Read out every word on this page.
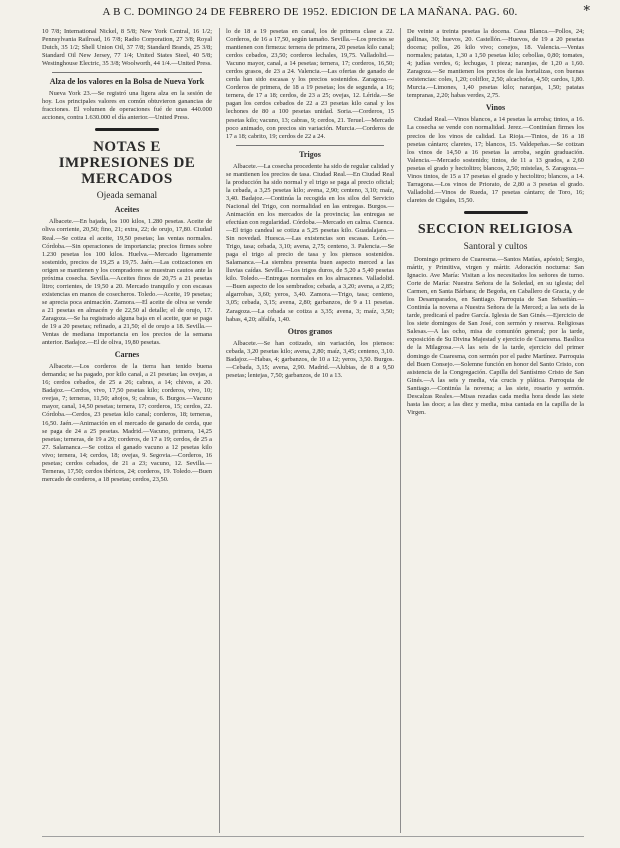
A B C. DOMINGO 24 DE FEBRERO DE 1952. EDICION DE LA MAÑANA. PAG. 60.	*

10 7/8; International Nickel, 8 5/8; New York Central, 16 1/2; Pennsylvania Railroad, 16 7/8; Radio Corporation, 27 3/8; Royal Dutch, 35 1/2; Shell Union Oil, 37 7/8; Standard Brands, 25 3/8; Standard Oil New Jersey, 77 1/4; United States Steel, 40 5/8; Westinghouse Electric, 35 3/8; Woolworth, 44 1/4.—United Press.

Alza de los valores en la Bolsa de Nueva York

Nueva York 23.—Se registró una ligera alza en la sesión de hoy. Los principales valores en común obtuvieron ganancias de fracciones. El volumen de operaciones fué de unas 440.000 acciones, contra 1.630.000 el día anterior.—United Press.

NOTAS E IMPRESIONES DE MERCADOS
Ojeada semanal
Aceites

Albacete.—En bajada, los 100 kilos, 1.280 pesetas. Aceite de oliva corriente, 20,50; fino, 21; extra, 22; de orujo, 17,80. Ciudad Real.—Se cotiza el aceite, 19,50 pesetas; las ventas normales. Córdoba.—Sin operaciones de importancia; precios firmes sobre 1.230 pesetas los 100 kilos. Huelva.—Mercado ligeramente sostenido, precios de 19,25 a 19,75. Jaén.—Las cotizaciones en origen se mantienen y los compradores se muestran cautos ante la próxima cosecha. Sevilla.—Aceites finos de 20,75 a 21 pesetas litro; corrientes, de 19,50 a 20. Mercado tranquilo y con escasas existencias en manos de cosecheros. Toledo.—Aceite, 19 pesetas; se aprecia poca animación. Zamora.—El aceite de oliva se vende a 21 pesetas en almacén y de 22,50 al detalle; el de orujo, 17. Zaragoza.—Se ha registrado alguna baja en el aceite, que se paga de 19 a 20 pesetas; refinado, a 21,50; el de orujo a 18. Sevilla.—Ventas de mediana importancia en los precios de la semana anterior. Badajoz.—El de oliva, 19,80 pesetas.

Carnes

Albacete.—Los corderos de la tierra han tenido buena demanda; se ha pagado, por kilo canal, a 21 pesetas; las ovejas, a 16; cerdos cebados, de 25 a 26; cabras, a 14; chivos, a 20. Badajoz.—Cerdos, vivo, 17,50 pesetas kilo; corderos, vivo, 10; ovejas, 7; terneras, 11,50; añojos, 9; cabras, 6. Burgos.—Vacuno mayor, canal, 14,50 pesetas; ternera, 17; corderos, 15; cerdos, 22. Córdoba.—Cerdos, 23 pesetas kilo canal; corderos, 18; terneras, 16,50. Jaén.—Animación en el mercado de ganado de cerda, que se paga de 24 a 25 pesetas. Madrid.—Vacuno, primera, 14,25 pesetas; terneras, de 19 a 20; corderos, de 17 a 19; cerdos, de 25 a 27. Salamanca.—Se cotiza el ganado vacuno a 12 pesetas kilo vivo; ternera, 14; cerdos, 18; ovejas, 9. Segovia.—Corderos, 16 pesetas; cerdos cebados, de 21 a 23; vacuno, 12. Sevilla.—Terneras, 17,50; cerdos ibéricos, 24; corderos, 19. Toledo.—Buen mercado de corderos, a 18 pesetas; cerdos, 23,50.

lo de 18 a 19 pesetas en canal, los de primera clase a 22. Corderos, de 16 a 17,50, según tamaño. Sevilla.—Los precios se mantienen con firmeza: ternera de primera, 20 pesetas kilo canal; cerdos cebados, 23,50; corderos lechales, 19,75. Valladolid.—Vacuno mayor, canal, a 14 pesetas; ternera, 17; corderos, 16,50; cerdos grasos, de 23 a 24. Valencia.—Las ofertas de ganado de cerda han sido escasas y los precios sostenidos. Zaragoza.—Corderos de primera, de 18 a 19 pesetas; los de segunda, a 16; ternera, de 17 a 18; cerdos, de 23 a 25; ovejas, 12. Lérida.—Se pagan los cerdos cebados de 22 a 23 pesetas kilo canal y los lechones de 80 a 100 pesetas unidad. Soria.—Corderos, 15 pesetas kilo; vacuno, 13; cabras, 9; cerdos, 21. Teruel.—Mercado poco animado, con precios sin variación. Murcia.—Corderos de 17 a 18; cabrito, 19; cerdos de 22 a 24.

Trigos

Albacete.—La cosecha procedente ha sido de regular calidad y se mantienen los precios de tasa. Ciudad Real.—En Ciudad Real la producción ha sido normal y el trigo se paga al precio oficial; la cebada, a 3,25 pesetas kilo; avena, 2,90; centeno, 3,10; maíz, 3,40. Badajoz.—Continúa la recogida en los silos del Servicio Nacional del Trigo, con normalidad en las entregas. Burgos.—Animación en los mercados de la provincia; las entregas se efectúan con regularidad. Córdoba.—Mercado en calma. Cuenca.—El trigo candeal se cotiza a 5,25 pesetas kilo. Guadalajara.—Sin novedad. Huesca.—Las existencias son escasas. León.—Trigo, tasa; cebada, 3,10; avena, 2,75; centeno, 3. Palencia.—Se paga el trigo al precio de tasa y los piensos sostenidos. Salamanca.—La siembra presenta buen aspecto merced a las lluvias caídas. Sevilla.—Los trigos duros, de 5,20 a 5,40 pesetas kilo. Toledo.—Entregas normales en los almacenes. Valladolid.—Buen aspecto de los sembrados; cebada, a 3,20; avena, a 2,85; algarrobas, 3,60; yeros, 3,40. Zamora.—Trigo, tasa; centeno, 3,05; cebada, 3,15; avena, 2,80; garbanzos, de 9 a 11 pesetas. Zaragoza.—La cebada se cotiza a 3,35; avena, 3; maíz, 3,50; habas, 4,20; alfalfa, 1,40.

Otros granos

Albacete.—Se han cotizado, sin variación, los piensos: cebada, 3,20 pesetas kilo; avena, 2,80; maíz, 3,45; centeno, 3,10. Badajoz.—Habas, 4; garbanzos, de 10 a 12; yeros, 3,50. Burgos.—Cebada, 3,15; avena, 2,90. Madrid.—Alubias, de 8 a 9,50 pesetas; lentejas, 7,50; garbanzos, de 10 a 13.

De veinte a treinta pesetas la docena. Casa Blanca.—Pollos, 24; gallinas, 30; huevos, 20. Castellón.—Huevos, de 19 a 20 pesetas docena; pollos, 26 kilo vivo; conejos, 18. Valencia.—Ventas normales; patatas, 1,30 a 1,50 pesetas kilo; cebollas, 0,80; tomates, 4; judías verdes, 6; lechugas, 1 pieza; naranjas, de 1,20 a 1,60. Zaragoza.—Se mantienen los precios de las hortalizas, con buenas existencias: coles, 1,20; coliflor, 2,50; alcachofas, 4,50; cardos, 1,80. Murcia.—Limones, 1,40 pesetas kilo; naranjas, 1,50; patatas tempranas, 2,20; habas verdes, 2,75.

Vinos

Ciudad Real.—Vinos blancos, a 14 pesetas la arroba; tintos, a 16. La cosecha se vende con normalidad. Jerez.—Continúan firmes los precios de los vinos de calidad. La Rioja.—Tintos, de 16 a 18 pesetas cántaro; claretes, 17; blancos, 15. Valdepeñas.—Se cotizan los vinos de 14,50 a 16 pesetas la arroba, según graduación. Valencia.—Mercado sostenido; tintos, de 11 a 13 grados, a 2,60 pesetas el grado y hectolitro; blancos, 2,50; mistelas, 5. Zaragoza.—Vinos tintos, de 15 a 17 pesetas el grado y hectolitro; blancos, a 14. Tarragona.—Los vinos de Priorato, de 2,80 a 3 pesetas el grado. Valladolid.—Vinos de Rueda, 17 pesetas cántaro; de Toro, 16; claretes de Cigales, 15,50.

SECCION RELIGIOSA
Santoral y cultos

Domingo primero de Cuaresma.—Santos Matías, apóstol; Sergio, mártir, y Primitiva, virgen y mártir. Adoración nocturna: San Ignacio. Ave María: Visitan a los necesitados los señores de turno. Corte de María: Nuestra Señora de la Soledad, en su iglesia; del Carmen, en Santa Bárbara; de Begoña, en Caballero de Gracia, y de los Desamparados, en Santiago. Parroquia de San Sebastián.—Continúa la novena a Nuestra Señora de la Merced; a las seis de la tarde, predicará el padre García. Iglesia de San Ginés.—Ejercicio de los siete domingos de San José, con sermón y reserva. Religiosas Salesas.—A las ocho, misa de comunión general; por la tarde, exposición de Su Divina Majestad y ejercicio de Cuaresma. Basílica de la Milagrosa.—A las seis de la tarde, ejercicio del primer domingo de Cuaresma, con sermón por el padre Martínez. Parroquia del Buen Consejo.—Solemne función en honor del Santo Cristo, con asistencia de la Congregación. Capilla del Santísimo Cristo de San Ginés.—A las seis y media, vía crucis y plática. Parroquia de Santiago.—Continúa la novena; a las siete, rosario y sermón. Descalzas Reales.—Misas rezadas cada media hora desde las siete hasta las doce; a las diez y media, misa cantada en la capilla de la Virgen.
